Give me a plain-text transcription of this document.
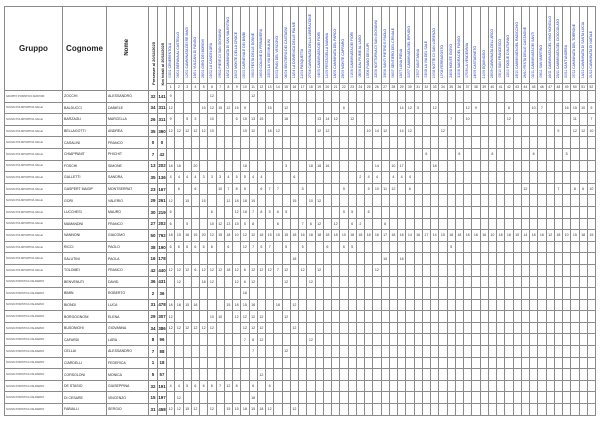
Gruppo	Cognome	Nome	Presenze al 20/11/2025	Km totali al 20/11/2025	03/01 CENERENTOLA	06/01 BEFANA AL CASTELLO	12/01 CAMMINATA DEI RE MAGI	19/01 VULCANI DI FANGO	26/01 GIRO DEI BORGHI	02/02 LA CANDELORA	09/02 PIEVE DI SAN GIOVANNI	16/02 CAMMINATA DI SAN VALENTINO	23/02 MONTE DELLA CROCE	02/03 CARNEVALE DEI BIMBI	09/03 FESTA DELLE DONNE	16/03 COLLINE DI PRIMAVERA	23/03 LA VIA DEI MULINI	30/03 PIAN DEL VESCOVO	06/04 SENTIERO DEI CASTAGNI	13/04 LA DOMENICA DELLE PALME	21/04 PASQUETTA	27/04 CAMMINATA DELLA LIBERAZIONE	04/05 CAMMINATA DEI FIORI	11/05 FESTA DELLA MAMMA	18/05 CAMMINATA DEL PARCO	25/05 MONTE CAPRARO	01/06 CAMMINATA DEI FIORI	08/06 DAL FIUME AL LAGO	15/06 PIANO DEI LUPI	22/06 NOTTURNA DI SAN GIOVANNI	29/06 SANTI PIETRO E PAOLO	06/07 SENTIERO DEL CRINALE	13/07 LUNA PIENA	20/07 CAMMINATA DEL RIFUGIO	27/07 SANT'ANNA	03/08 LA VIA DEL SALE	10/08 NOTTE DI SAN LORENZO	17/08 FERRAGOSTO	24/08 MONTE GIOVO	31/08 SAGRA DEL FUNGO	07/09 LA VENDEMMIA	14/09 CASTAGNETO	21/09 EQUINOZIO	28/09 CAMMINATA DELL'ARCO	05/10 SAN FRANCESCO	12/10 FOGLIE D'AUTUNNO	19/10 CAMMINATA DEL RADICCHIO	26/10 FESTA DELLE CASTAGNE	02/11 CAMMINATA DEI SANTI	09/11 SAN MARTINO	16/11 CAMMINATA DEL VINO NOVELLO	23/11 CAMMINATA DEL CIOCCOLATO	30/11 SANT'ANDREA	07/12 CAMMINATA DEL TORRONE	14/12 CAMMINATA DI SANTA LUCIA	21/12 CAMMINATA DI NATALE
					1	2	3	4	5	6	7	8	9	10	11	12	13	14	15	16	17	18	19	20	21	22	23	24	25	26	27	28	29	30	31	32	33	34	35	36	37	38	39	40	41	42	43	44	45	46	47	48	49	50	51	52
GRUPPO PODISTICO AMATORI	ZOCCHI	ALESSANDRO	32	141	9					12					12																																									
NUOVA POLISPORTIVA VALLE	BALDUCCI	DANIELE	34	311	12				15	12	15	12	15	9			15		12							6							14	12	5		12				12	9				8			10	7			16	15	10	9
NUOVA POLISPORTIVA VALLE	BARZAGLI	MARCELLA	26	311	9		5	3		10			6	15	13	15			18				13	14	12		12												7		10					12								11		7
NUOVA POLISPORTIVA VALLE	BELLAGOTTI	ANDREA	35	390	12	12	12	12	12	10				15	12		18	12					12	12					10	14	12		14	12				12														9		12	12	10
NUOVA POLISPORTIVA VALLE	CASALINI	FRANCO	0	0																																																				
NUOVA POLISPORTIVA VALLE	CHIAPPANIT	PHICHIT	7	42																																6				6				8					6				5			
NUOVA POLISPORTIVA VALLE	FOSCHI	SIMONE	13	202	18	16		20						18					3			18	18	16						14		10	17				18																			
NUOVA POLISPORTIVA VALLE	GALLETTI	SANDRA	35	136	4	4	4	4	3	3	3	4	5	5	4	4				6								2	4	4		4	4	4																						
NUOVA POLISPORTIVA VALLE	GASPERT MAGIP	MONTSERRAT	23	167		6		6			10	7	8	5		6	7	7			5					5			5	10	11	12		6														12				7		8	6	10
NUOVA POLISPORTIVA VALLE	GORI	VALERIO	29	261	12		15		15			12	18	18	15					15		10	12																																	
NUOVA POLISPORTIVA VALLE	LUCCHESI	MAURO	30	219	6					6			12	18	7	8	5	6	5							5	5		6																											
NUOVA POLISPORTIVA VALLE	MAMANDNI	FRANCO	27	202	6		5			10	12	13	15	5	8			6			7	6	12		12		6	2			6																									
NUOVA POLISPORTIVA VALLE	NANNONI	GIACOMO	50	792	18	15	16	15	20	12	15	18	10	12	12	18	15	15	15	18	16	18	18	18	18	10	18	18	18	16	17	18	18	14	16	17	14	15	18	18	18	16	16	10	18	18	15	14	18	16	12	18	10	15	18	15
NUOVA POLISPORTIVA VALLE	RICCI	PAOLO	38	190	6	6	6	6	6	6		6		12	7	5	7		5		5			6		6	5												5																	
NUOVA POLISPORTIVA VALLE	SALUTINI	PAOLA	16	178																18											10		18																							
NUOVA POLISPORTIVA VALLE	TOLOMEI	FRANCO	42	440	12	12	12	6	12	12	12	18	12	6	12	12	12	7	12		12		12							12																										
NUOVA PODISTICA VALDARNO	BENVENUTI	DAVID	36	431		12			18	12			12	6	12				12			12																																		
NUOVA PODISTICA VALDARNO	BIMBI	ROBERTO	2	36										18																																										
NUOVA PODISTICA VALDARNO	BIONDI	LUCA	31	478	18	18	15	18				15	18	15	18			18		12																																				
NUOVA PODISTICA VALDARNO	BORGOGNONI	ELENA	29	307	12					10	10		12	12	12	12			12																																					
NUOVA PODISTICA VALDARNO	BUSONIGHI	GIOVANNA	34	386	12	12	12	12	12	12				12	12	12				12																																				
NUOVA PODISTICA VALDARNO	CAFARDI	LARA	8	96										7	8	12						12																																		
NUOVA PODISTICA VALDARNO	CELLAI	ALESSANDRO	7	88											7				12																																					
NUOVA PODISTICA VALDARNO	CIARDELLI	FEDERICA	1	18																																																				
NUOVA PODISTICA VALDARNO	CORSOLONI	MONICA	5	57												12																																								
NUOVA PODISTICA VALDARNO	DE STASIO	GIUSEPPINA	32	191	4	4	5	6	6	6	7	12	8		6		6																																							
NUOVA PODISTICA VALDARNO	DI CESARE	VINCENZO	15	197		12									18																																									
NUOVA PODISTICA VALDARNO	FABIALLI	SERGIO	31	458	12	12	15	12		12		15	15	18	15	18	12			12																																				
